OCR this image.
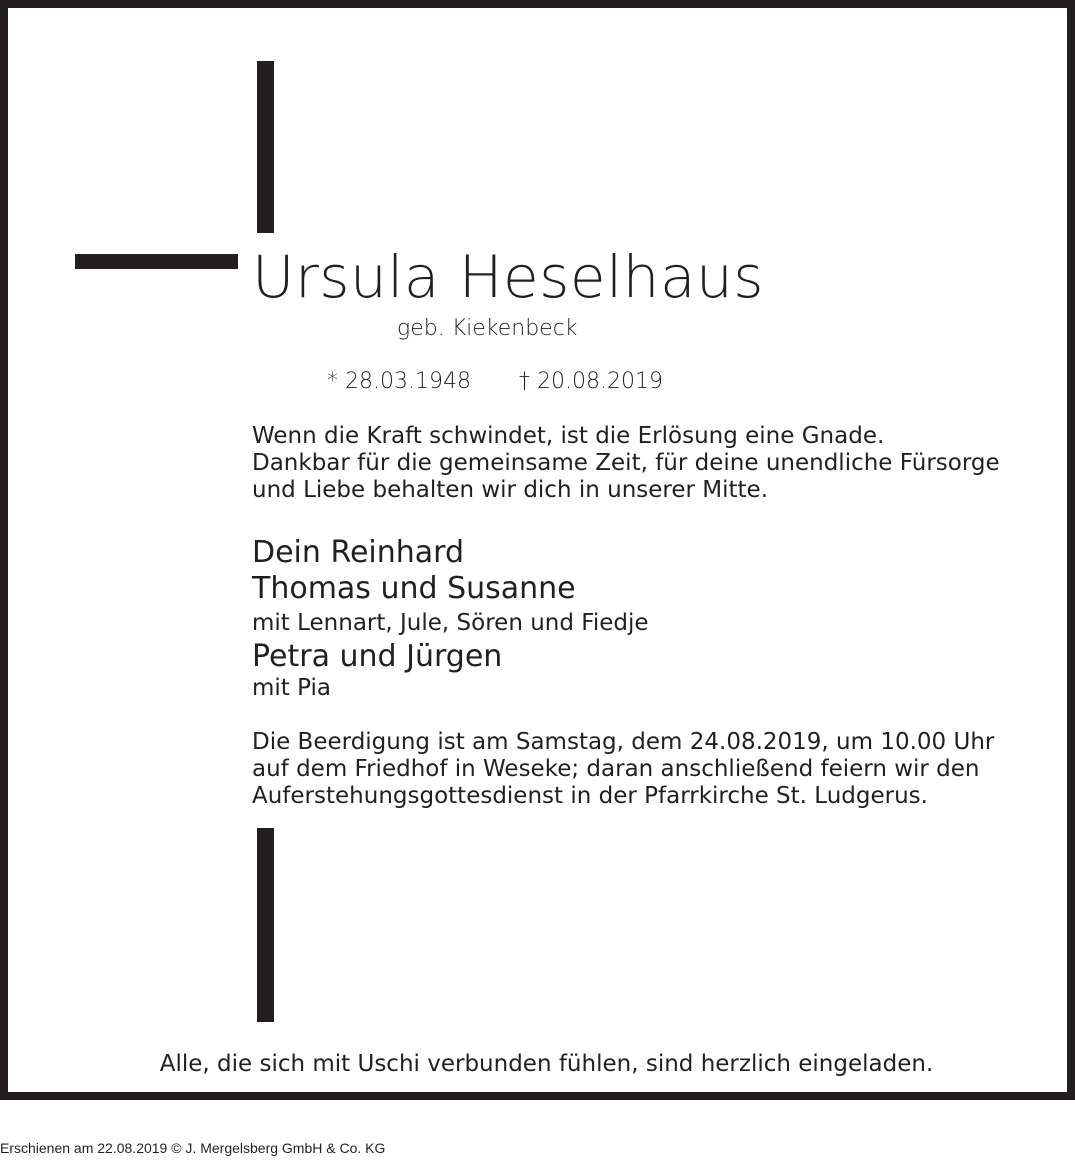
Ursula Heselhaus
geb. Kiekenbeck
* 28.03.1948 † 20.08.2019
Wenn die Kraft schwindet, ist die Erlösung eine Gnade.
Dankbar für die gemeinsame Zeit, für deine unendliche Fürsorge
und Liebe behalten wir dich in unserer Mitte.
Dein Reinhard
Thomas und Susanne
mit Lennart, Jule, Sören und Fiedje
Petra und Jürgen
mit Pia
Die Beerdigung ist am Samstag, dem 24.08.2019, um 10.00 Uhr
auf dem Friedhof in Weseke; daran anschließend feiern wir den
Auferstehungsgottesdienst in der Pfarrkirche St. Ludgerus.
Alle, die sich mit Uschi verbunden fühlen, sind herzlich eingeladen.
Erschienen am 22.08.2019 © J. Mergelsberg GmbH & Co. KG
